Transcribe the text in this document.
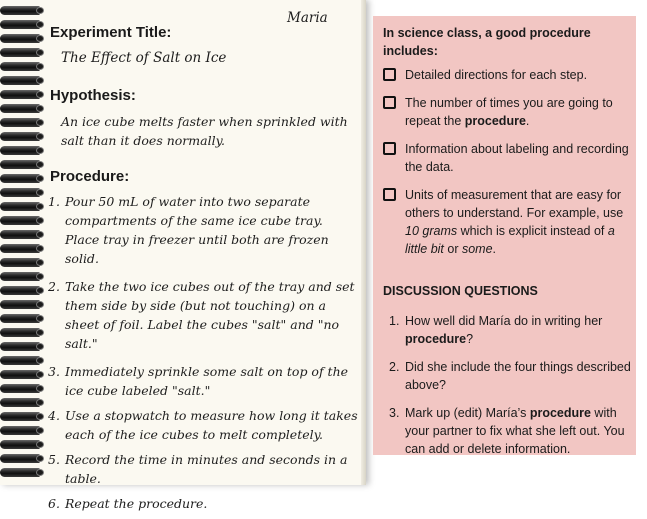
Maria
Experiment Title:
The Effect of Salt on Ice
Hypothesis:
An ice cube melts faster when sprinkled with salt than it does normally.
Procedure:
1. Pour 50 mL of water into two separate compartments of the same ice cube tray. Place tray in freezer until both are frozen solid.
2. Take the two ice cubes out of the tray and set them side by side (but not touching) on a sheet of foil. Label the cubes "salt" and "no salt."
3. Immediately sprinkle some salt on top of the ice cube labeled "salt."
4. Use a stopwatch to measure how long it takes each of the ice cubes to melt completely.
5. Record the time in minutes and seconds in a table.
6. Repeat the procedure.
In science class, a good procedure includes:
Detailed directions for each step.
The number of times you are going to repeat the procedure.
Information about labeling and recording the data.
Units of measurement that are easy for others to understand. For example, use 10 grams which is explicit instead of a little bit or some.
DISCUSSION QUESTIONS
1. How well did María do in writing her procedure?
2. Did she include the four things described above?
3. Mark up (edit) María’s procedure with your partner to fix what she left out. You can add or delete information.
